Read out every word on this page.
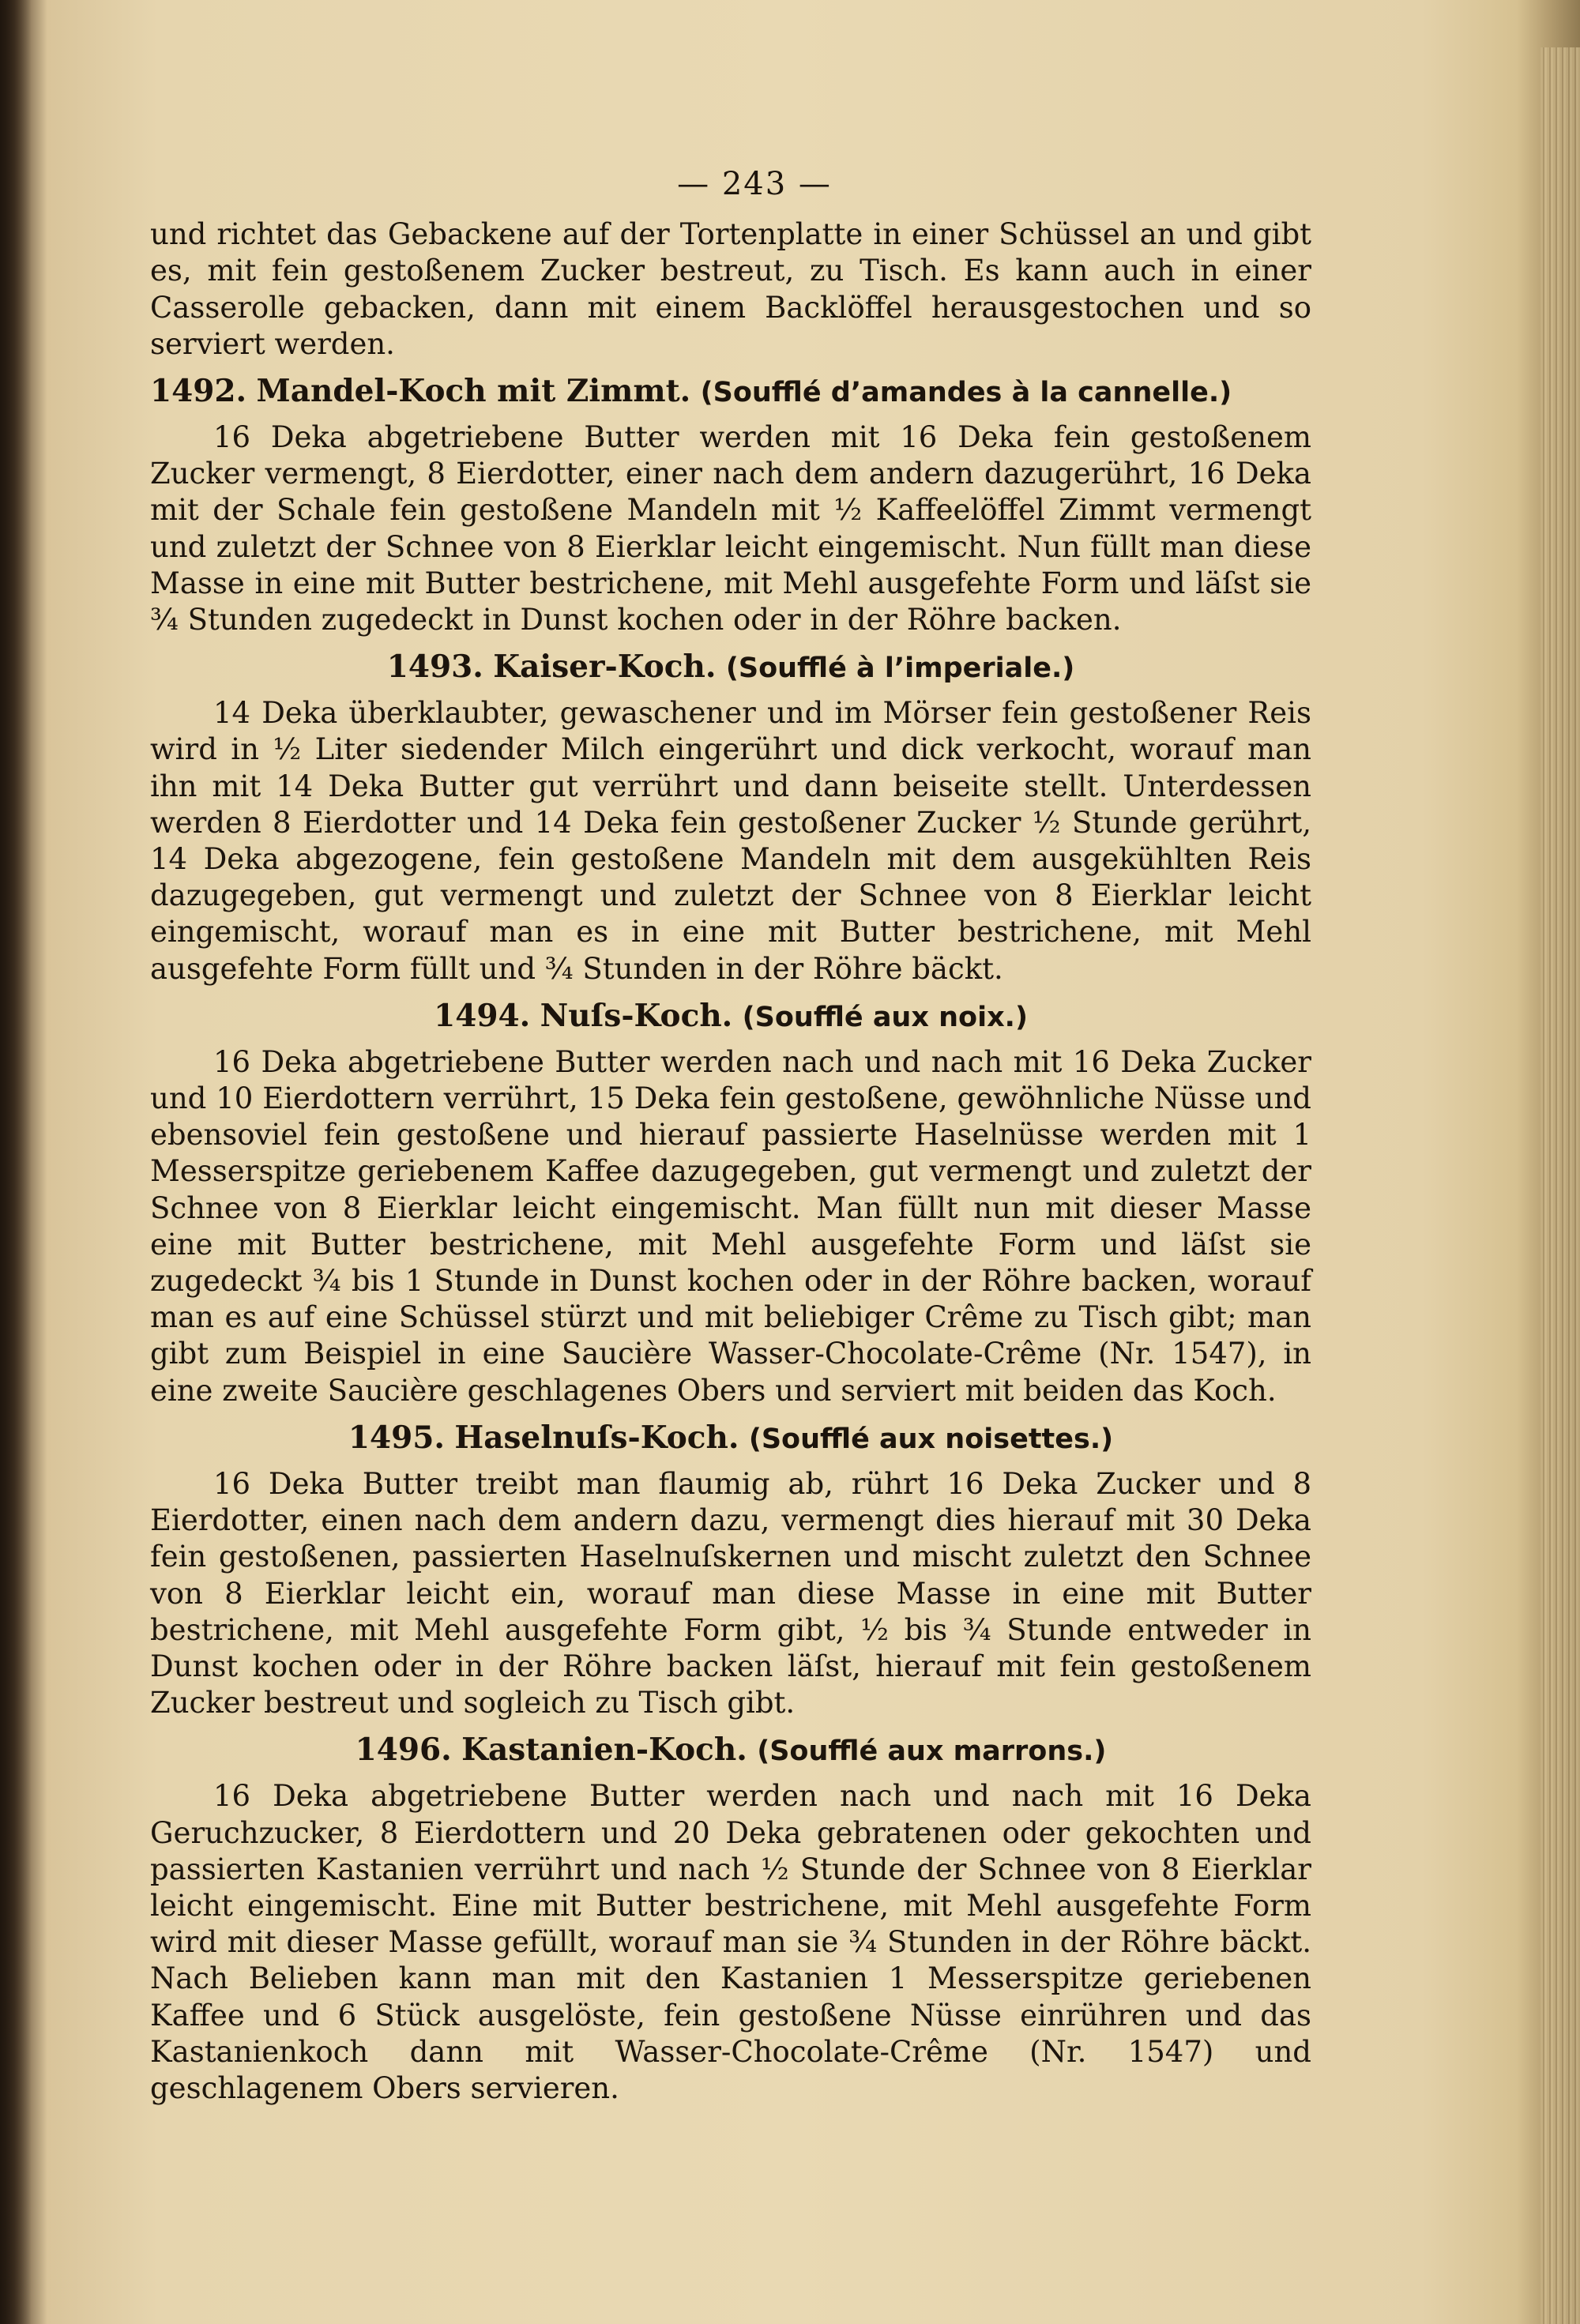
— 243 —

und richtet das Gebackene auf der Tortenplatte in einer Schüssel an und gibt es, mit fein gestoßenem Zucker bestreut, zu Tisch. Es kann auch in einer Casserolle gebacken, dann mit einem Backlöffel herausgestochen und so serviert werden.

1492. Mandel-Koch mit Zimmt. (Soufflé d’amandes à la cannelle.)

16 Deka abgetriebene Butter werden mit 16 Deka fein gestoßenem Zucker vermengt, 8 Eierdotter, einer nach dem andern dazugerührt, 16 Deka mit der Schale fein gestoßene Mandeln mit ½ Kaffeelöffel Zimmt vermengt und zuletzt der Schnee von 8 Eierklar leicht eingemischt. Nun füllt man diese Masse in eine mit Butter bestrichene, mit Mehl ausgefehte Form und läſst sie ¾ Stunden zugedeckt in Dunst kochen oder in der Röhre backen.

1493. Kaiser-Koch. (Soufflé à l’imperiale.)

14 Deka überklaubter, gewaschener und im Mörser fein gestoßener Reis wird in ½ Liter siedender Milch eingerührt und dick verkocht, worauf man ihn mit 14 Deka Butter gut verrührt und dann beiseite stellt. Unterdessen werden 8 Eierdotter und 14 Deka fein gestoßener Zucker ½ Stunde gerührt, 14 Deka abgezogene, fein gestoßene Mandeln mit dem ausgekühlten Reis dazugegeben, gut vermengt und zuletzt der Schnee von 8 Eierklar leicht eingemischt, worauf man es in eine mit Butter bestrichene, mit Mehl ausgefehte Form füllt und ¾ Stunden in der Röhre bäckt.

1494. Nuſs-Koch. (Soufflé aux noix.)

16 Deka abgetriebene Butter werden nach und nach mit 16 Deka Zucker und 10 Eierdottern verrührt, 15 Deka fein gestoßene, gewöhnliche Nüsse und ebensoviel fein gestoßene und hierauf passierte Haselnüsse werden mit 1 Messerspitze geriebenem Kaffee dazugegeben, gut vermengt und zuletzt der Schnee von 8 Eierklar leicht eingemischt. Man füllt nun mit dieser Masse eine mit Butter bestrichene, mit Mehl ausgefehte Form und läſst sie zugedeckt ¾ bis 1 Stunde in Dunst kochen oder in der Röhre backen, worauf man es auf eine Schüssel stürzt und mit beliebiger Crême zu Tisch gibt; man gibt zum Beispiel in eine Saucière Wasser-Chocolate-Crême (Nr. 1547), in eine zweite Saucière geschlagenes Obers und serviert mit beiden das Koch.

1495. Haselnuſs-Koch. (Soufflé aux noisettes.)

16 Deka Butter treibt man flaumig ab, rührt 16 Deka Zucker und 8 Eierdotter, einen nach dem andern dazu, vermengt dies hierauf mit 30 Deka fein gestoßenen, passierten Haselnuſskernen und mischt zuletzt den Schnee von 8 Eierklar leicht ein, worauf man diese Masse in eine mit Butter bestrichene, mit Mehl ausgefehte Form gibt, ½ bis ¾ Stunde entweder in Dunst kochen oder in der Röhre backen läſst, hierauf mit fein gestoßenem Zucker bestreut und sogleich zu Tisch gibt.

1496. Kastanien-Koch. (Soufflé aux marrons.)

16 Deka abgetriebene Butter werden nach und nach mit 16 Deka Geruchzucker, 8 Eierdottern und 20 Deka gebratenen oder gekochten und passierten Kastanien verrührt und nach ½ Stunde der Schnee von 8 Eierklar leicht eingemischt. Eine mit Butter bestrichene, mit Mehl ausgefehte Form wird mit dieser Masse gefüllt, worauf man sie ¾ Stunden in der Röhre bäckt. Nach Belieben kann man mit den Kastanien 1 Messerspitze geriebenen Kaffee und 6 Stück ausgelöste, fein gestoßene Nüsse einrühren und das Kastanienkoch dann mit Wasser-Chocolate-Crême (Nr. 1547) und geschlagenem Obers servieren.
